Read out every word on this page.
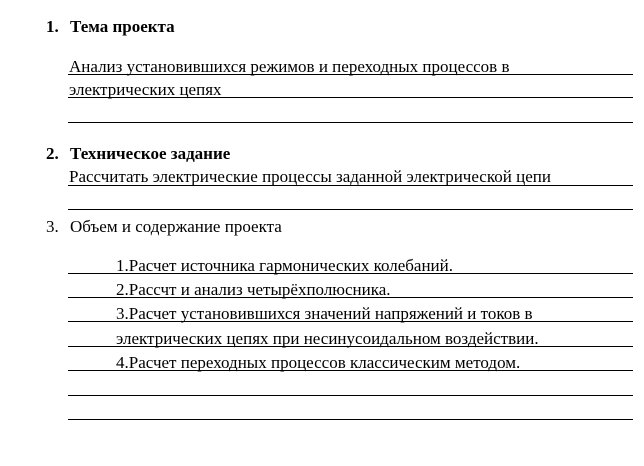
1. Тема проекта
Анализ установившихся режимов и переходных процессов в
электрических цепях
2. Техническое задание
Рассчитать электрические процессы заданной электрической цепи
3. Объем и содержание проекта
1.Расчет источника гармонических колебаний.
2.Рассчт и анализ четырёхполюсника.
3.Расчет установившихся значений напряжений и токов в
электрических цепях при несинусоидальном воздействии.
4.Расчет переходных процессов классическим методом.
